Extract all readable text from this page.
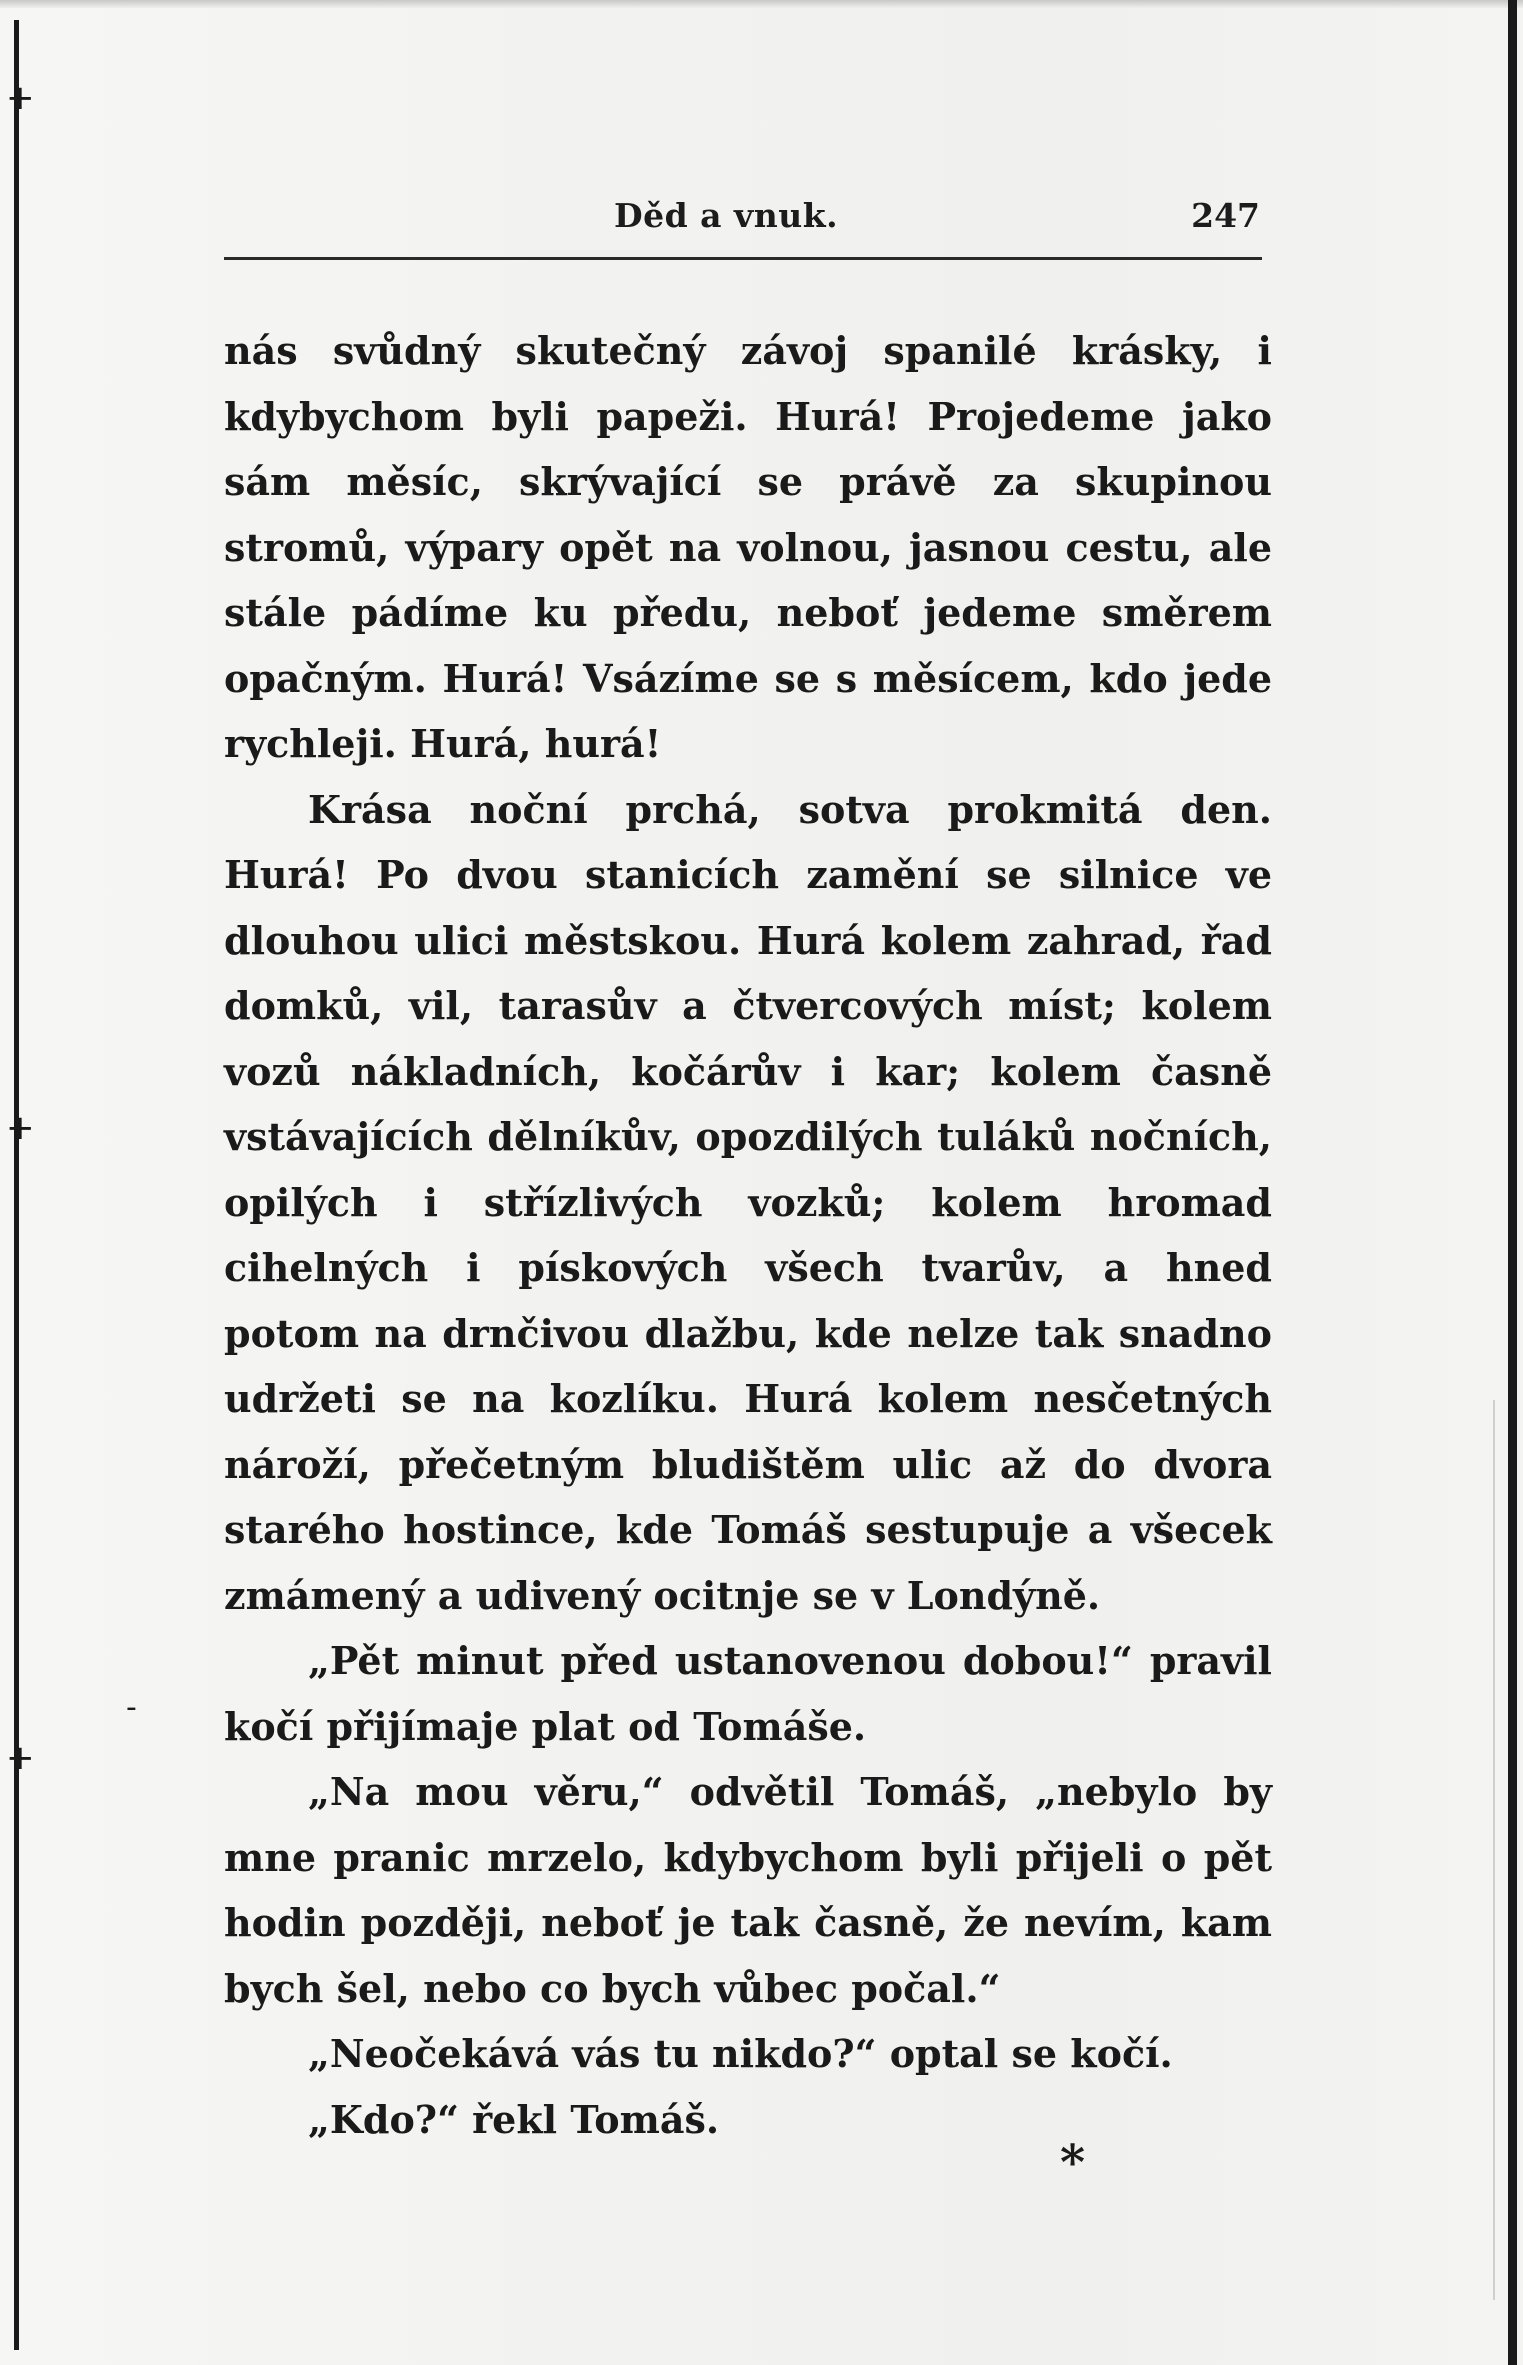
+
+
+
-
Děd a vnuk.	247

nás svůdný skutečný závoj spanilé krásky, i kdybychom byli papeži. Hurá! Projedeme jako sám měsíc, skrývající se právě za skupinou stromů, výpary opět na volnou, jasnou cestu, ale stále pádíme ku předu, neboť jedeme směrem opačným. Hurá! Vsázíme se s měsícem, kdo jede rychleji. Hurá, hurá!

Krása noční prchá, sotva prokmitá den. Hurá! Po dvou stanicích zamění se silnice ve dlouhou ulici městskou. Hurá kolem zahrad, řad domků, vil, tarasův a čtvercových míst; kolem vozů nákladních, kočárův i kar; kolem časně vstávajících dělníkův, opozdilých tuláků nočních, opilých i střízlivých vozků; kolem hromad cihelných i pískových všech tvarův, a hned potom na drnčivou dlažbu, kde nelze tak snadno udržeti se na kozlíku. Hurá kolem nesčetných nároží, přečetným bludištěm ulic až do dvora starého hostince, kde Tomáš sestupuje a všecek zmámený a udivený ocitnje se v Londýně.

„Pět minut před ustanovenou dobou!“ pravil kočí přijímaje plat od Tomáše.

„Na mou věru,“ odvětil Tomáš, „nebylo by mne pranic mrzelo, kdybychom byli přijeli o pět hodin později, neboť je tak časně, že nevím, kam bych šel, nebo co bych vůbec počal.“

„Neočekává vás tu nikdo?“ optal se kočí.

„Kdo?“ řekl Tomáš.

*
